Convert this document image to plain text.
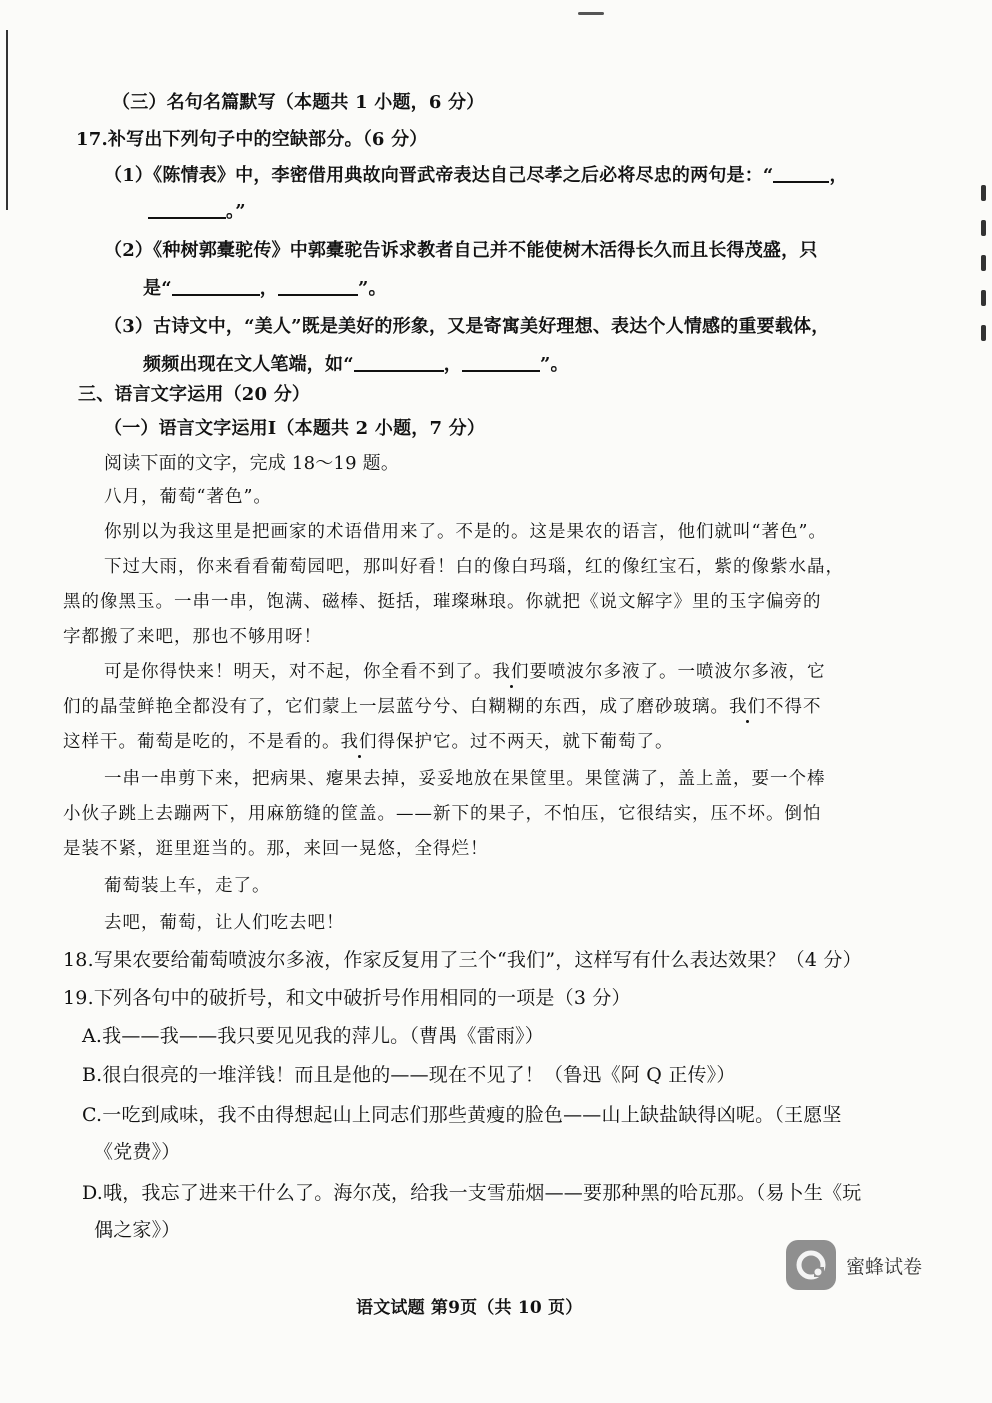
（三）名句名篇默写（本题共 1 小题，6 分）
17.补写出下列句子中的空缺部分。（6 分）
（1）《陈情表》中，李密借用典故向晋武帝表达自己尽孝之后必将尽忠的两句是：“	，
。”
（2）《种树郭橐驼传》中郭橐驼告诉求教者自己并不能使树木活得长久而且长得茂盛，只
是“	，	”。
（3）古诗文中，“美人”既是美好的形象，又是寄寓美好理想、表达个人情感的重要载体，
频频出现在文人笔端，如“	，	”。
三、语言文字运用（20 分）
（一）语言文字运用Ⅰ（本题共 2 小题，7 分）
阅读下面的文字，完成 18～19 题。
八月，葡萄“著色”。
你别以为我这里是把画家的术语借用来了。不是的。这是果农的语言，他们就叫“著色”。
下过大雨，你来看看葡萄园吧，那叫好看！白的像白玛瑙，红的像红宝石，紫的像紫水晶，
黑的像黑玉。一串一串，饱满、磁棒、挺括，璀璨琳琅。你就把《说文解字》里的玉字偏旁的
字都搬了来吧，那也不够用呀！
可是你得快来！明天，对不起，你全看不到了。我们要喷波尔多液了。一喷波尔多液，它
们的晶莹鲜艳全都没有了，它们蒙上一层蓝兮兮、白糊糊的东西，成了磨砂玻璃。我们不得不
这样干。葡萄是吃的，不是看的。我们得保护它。过不两天，就下葡萄了。
一串一串剪下来，把病果、瘪果去掉，妥妥地放在果筐里。果筐满了，盖上盖，要一个棒
小伙子跳上去蹦两下，用麻筋缝的筐盖。——新下的果子，不怕压，它很结实，压不坏。倒怕
是装不紧，逛里逛当的。那，来回一晃悠，全得烂！
葡萄装上车，走了。
去吧，葡萄，让人们吃去吧！
18.写果农要给葡萄喷波尔多液，作家反复用了三个“我们”，这样写有什么表达效果？（4 分）
19.下列各句中的破折号，和文中破折号作用相同的一项是（3 分）
A.我——我——我只要见见我的萍儿。（曹禺《雷雨》）
B.很白很亮的一堆洋钱！而且是他的——现在不见了！（鲁迅《阿 Q 正传》）
C.一吃到咸味，我不由得想起山上同志们那些黄瘦的脸色——山上缺盐缺得凶呢。（王愿坚
《党费》）
D.哦，我忘了进来干什么了。海尔茂，给我一支雪茄烟——要那种黑的哈瓦那。（易卜生《玩
偶之家》）
蜜蜂试卷
语文试题 第9页（共 10 页）
